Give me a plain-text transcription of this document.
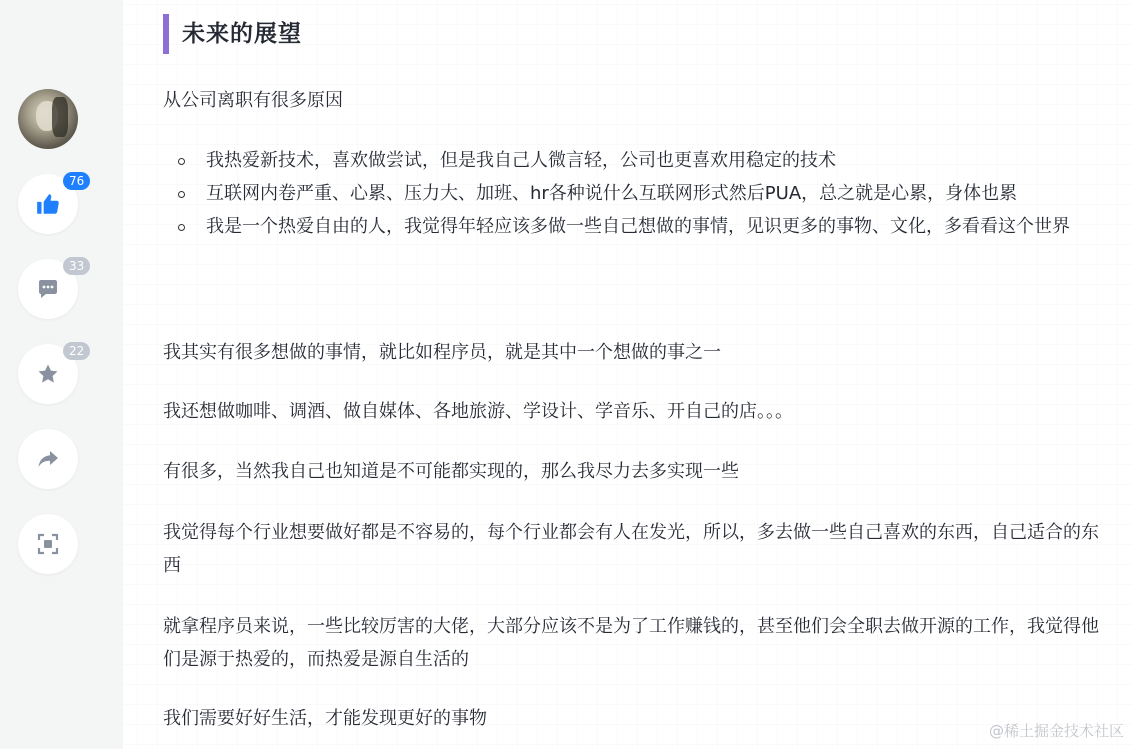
76
33
22
未来的展望

从公司离职有很多原因

我热爱新技术，喜欢做尝试，但是我自己人微言轻，公司也更喜欢用稳定的技术
互联网内卷严重、心累、压力大、加班、hr各种说什么互联网形式然后PUA，总之就是心累，身体也累
我是一个热爱自由的人，我觉得年轻应该多做一些自己想做的事情，见识更多的事物、文化，多看看这个世界

我其实有很多想做的事情，就比如程序员，就是其中一个想做的事之一

我还想做咖啡、调酒、做自媒体、各地旅游、学设计、学音乐、开自己的店。。。

有很多，当然我自己也知道是不可能都实现的，那么我尽力去多实现一些

我觉得每个行业想要做好都是不容易的，每个行业都会有人在发光，所以，多去做一些自己喜欢的东西，自己适合的东西

就拿程序员来说，一些比较厉害的大佬，大部分应该不是为了工作赚钱的，甚至他们会全职去做开源的工作，我觉得他们是源于热爱的，而热爱是源自生活的

我们需要好好生活，才能发现更好的事物

@稀土掘金技术社区
